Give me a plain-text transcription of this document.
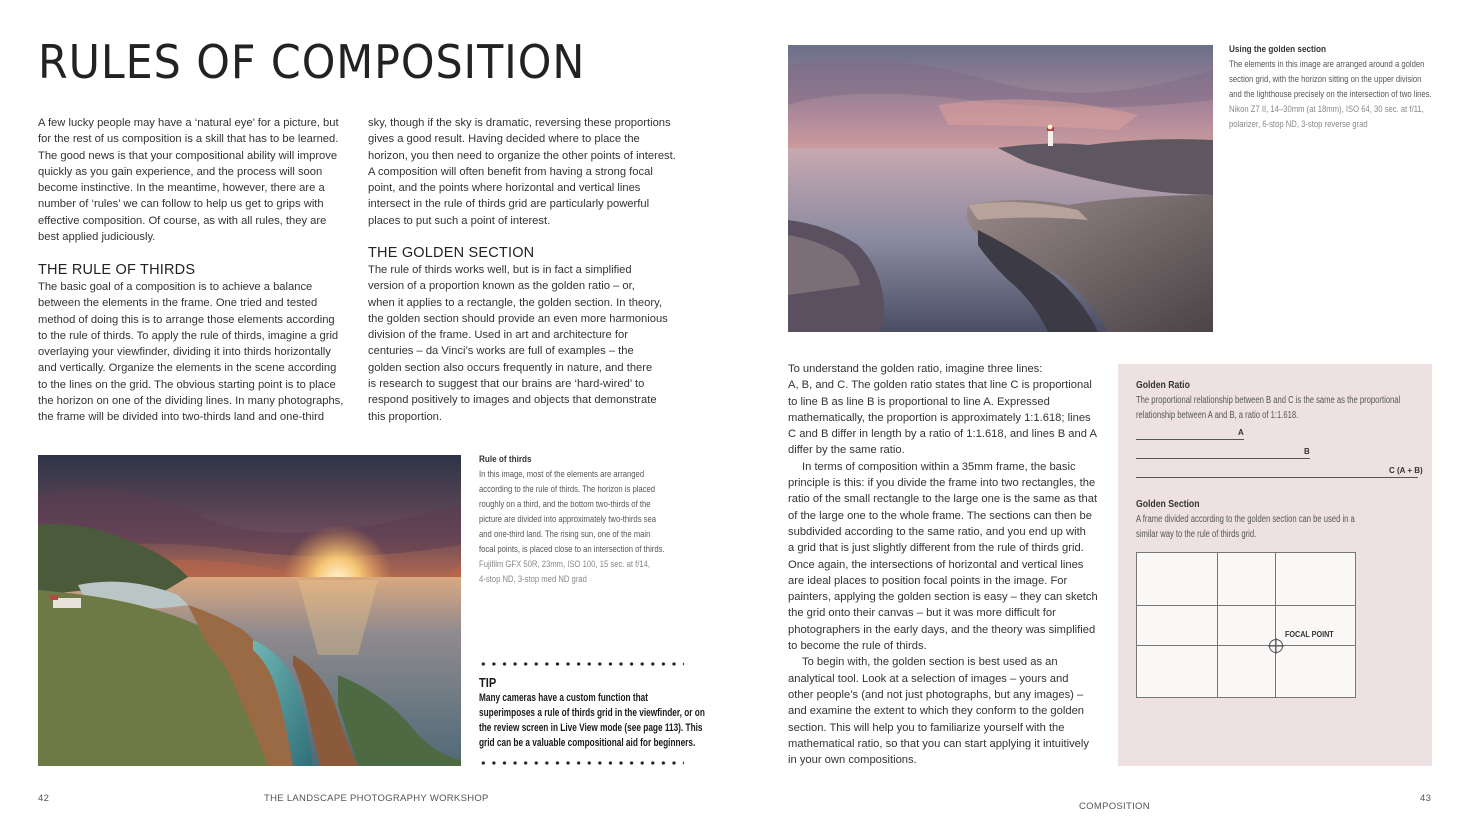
RULES OF COMPOSITION
A few lucky people may have a ‘natural eye’ for a picture, but
for the rest of us composition is a skill that has to be learned.
The good news is that your compositional ability will improve
quickly as you gain experience, and the process will soon
become instinctive. In the meantime, however, there are a
number of ‘rules’ we can follow to help us get to grips with
effective composition. Of course, as with all rules, they are
best applied judiciously.
THE RULE OF THIRDS
The basic goal of a composition is to achieve a balance
between the elements in the frame. One tried and tested
method of doing this is to arrange those elements according
to the rule of thirds. To apply the rule of thirds, imagine a grid
overlaying your viewfinder, dividing it into thirds horizontally
and vertically. Organize the elements in the scene according
to the lines on the grid. The obvious starting point is to place
the horizon on one of the dividing lines. In many photographs,
the frame will be divided into two-thirds land and one-third
sky, though if the sky is dramatic, reversing these proportions
gives a good result. Having decided where to place the
horizon, you then need to organize the other points of interest.
A composition will often benefit from having a strong focal
point, and the points where horizontal and vertical lines
intersect in the rule of thirds grid are particularly powerful
places to put such a point of interest.
THE GOLDEN SECTION
The rule of thirds works well, but is in fact a simplified
version of a proportion known as the golden ratio – or,
when it applies to a rectangle, the golden section. In theory,
the golden section should provide an even more harmonious
division of the frame. Used in art and architecture for
centuries – da Vinci’s works are full of examples – the
golden section also occurs frequently in nature, and there
is research to suggest that our brains are ‘hard-wired’ to
respond positively to images and objects that demonstrate
this proportion.
Rule of thirds
In this image, most of the elements are arranged
according to the rule of thirds. The horizon is placed
roughly on a third, and the bottom two-thirds of the
picture are divided into approximately two-thirds sea
and one-third land. The rising sun, one of the main
focal points, is placed close to an intersection of thirds.
Fujifilm GFX 50R, 23mm, ISO 100, 15 sec. at f/14,
4-stop ND, 3-stop med ND grad
TIP
Many cameras have a custom function that
superimposes a rule of thirds grid in the viewfinder, or on
the review screen in Live View mode (see page 113). This
grid can be a valuable compositional aid for beginners.
42	THE LANDSCAPE PHOTOGRAPHY WORKSHOP
Using the golden section
The elements in this image are arranged around a golden
section grid, with the horizon sitting on the upper division
and the lighthouse precisely on the intersection of two lines.
Nikon Z7 II, 14–30mm (at 18mm), ISO 64, 30 sec. at f/11,
polarizer, 6-stop ND, 3-stop reverse grad
To understand the golden ratio, imagine three lines:
A, B, and C. The golden ratio states that line C is proportional
to line B as line B is proportional to line A. Expressed
mathematically, the proportion is approximately 1:1.618; lines
C and B differ in length by a ratio of 1:1.618, and lines B and A
differ by the same ratio.
In terms of composition within a 35mm frame, the basic
principle is this: if you divide the frame into two rectangles, the
ratio of the small rectangle to the large one is the same as that
of the large one to the whole frame. The sections can then be
subdivided according to the same ratio, and you end up with
a grid that is just slightly different from the rule of thirds grid.
Once again, the intersections of horizontal and vertical lines
are ideal places to position focal points in the image. For
painters, applying the golden section is easy – they can sketch
the grid onto their canvas – but it was more difficult for
photographers in the early days, and the theory was simplified
to become the rule of thirds.
To begin with, the golden section is best used as an
analytical tool. Look at a selection of images – yours and
other people’s (and not just photographs, but any images) –
and examine the extent to which they conform to the golden
section. This will help you to familiarize yourself with the
mathematical ratio, so that you can start applying it intuitively
in your own compositions.
Golden Ratio
The proportional relationship between B and C is the same as the proportional
relationship between A and B, a ratio of 1:1.618.
A
B
C (A + B)
Golden Section
A frame divided according to the golden section can be used in a
similar way to the rule of thirds grid.
FOCAL POINT
COMPOSITION
43
